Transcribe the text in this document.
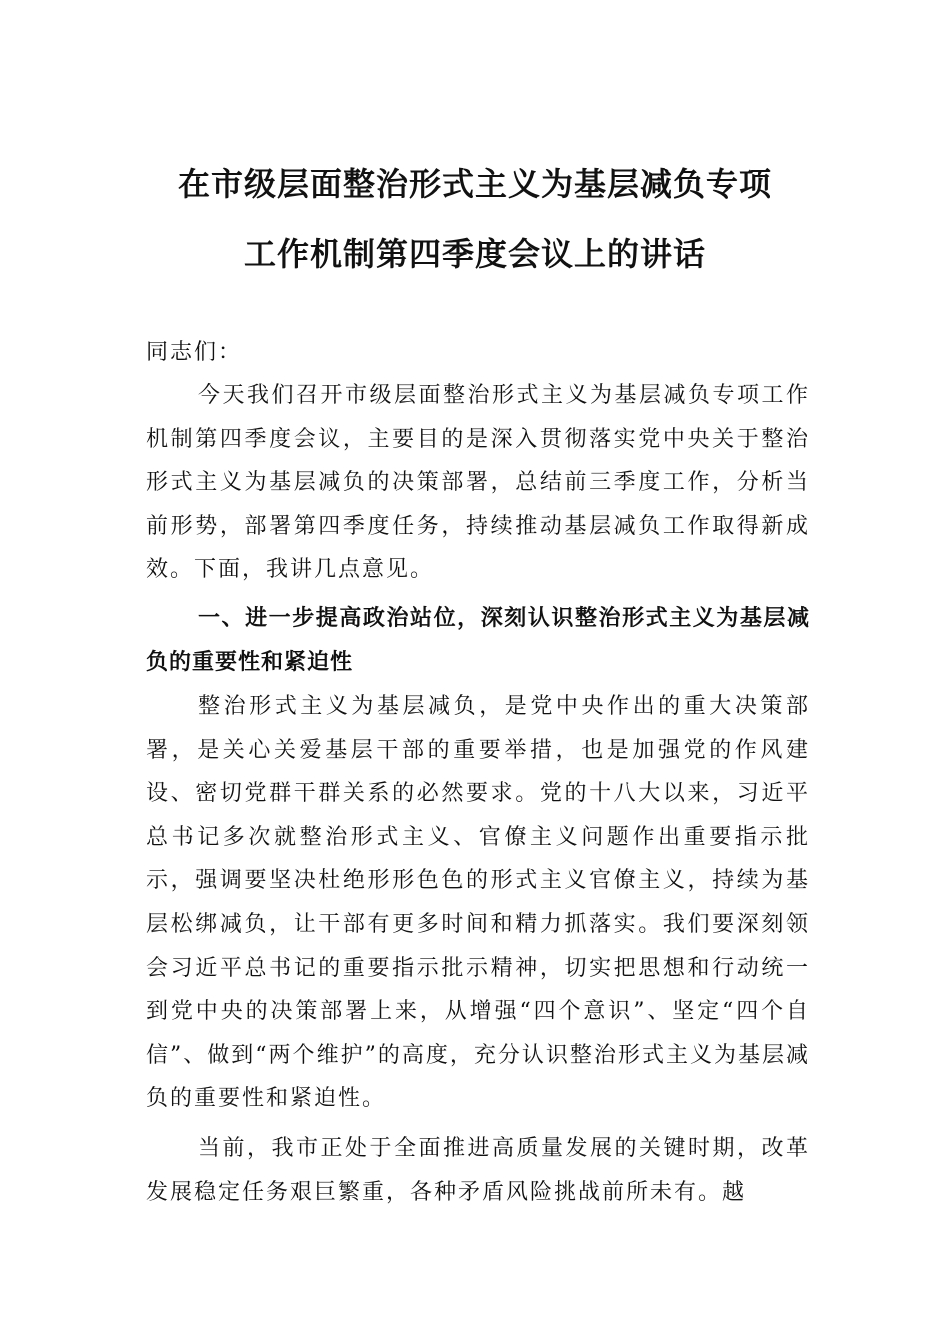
在市级层面整治形式主义为基层减负专项
工作机制第四季度会议上的讲话

同志们：

今天我们召开市级层面整治形式主义为基层减负专项工作机制第四季度会议，主要目的是深入贯彻落实党中央关于整治形式主义为基层减负的决策部署，总结前三季度工作，分析当前形势，部署第四季度任务，持续推动基层减负工作取得新成效。下面，我讲几点意见。

一、进一步提高政治站位，深刻认识整治形式主义为基层减负的重要性和紧迫性

整治形式主义为基层减负，是党中央作出的重大决策部署，是关心关爱基层干部的重要举措，也是加强党的作风建设、密切党群干群关系的必然要求。党的十八大以来，习近平总书记多次就整治形式主义、官僚主义问题作出重要指示批示，强调要坚决杜绝形形色色的形式主义官僚主义，持续为基层松绑减负，让干部有更多时间和精力抓落实。我们要深刻领会习近平总书记的重要指示批示精神，切实把思想和行动统一到党中央的决策部署上来，从增强“四个意识”、坚定“四个自信”、做到“两个维护”的高度，充分认识整治形式主义为基层减负的重要性和紧迫性。

当前，我市正处于全面推进高质量发展的关键时期，改革发展稳定任务艰巨繁重，各种矛盾风险挑战前所未有。越
